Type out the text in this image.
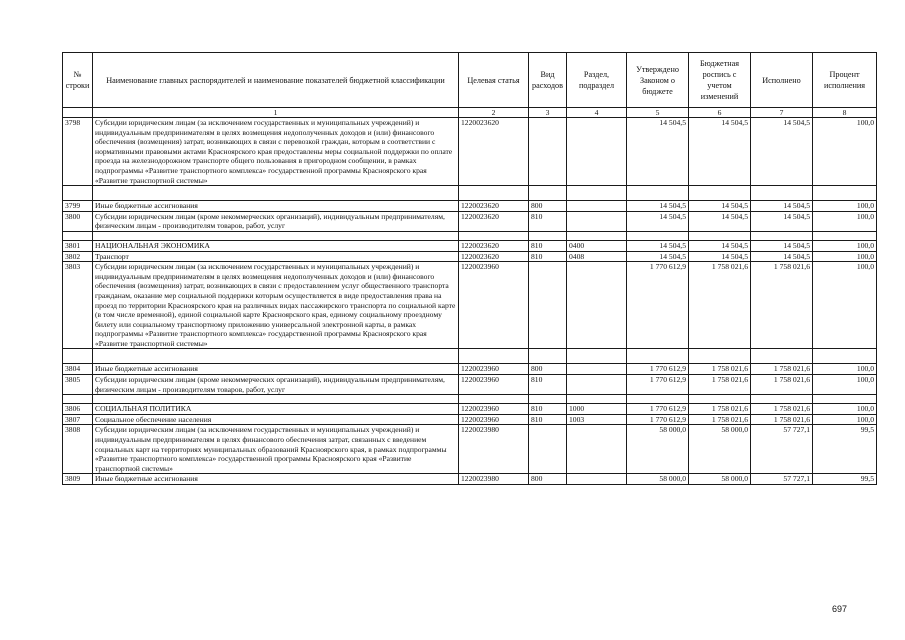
№ строки	Наименование главных распорядителей и наименование показателей бюджетной классификации	Целевая статья	Вид расходов	Раздел, подраздел	Утверждено Законом о бюджете	Бюджетная роспись с учетом изменений	Исполнено	Процент исполнения
	1	2	3	4	5	6	7	8
3798	Субсидии юридическим лицам (за исключением государственных и муниципальных учреждений) и индивидуальным предпринимателям в целях возмещения недополученных доходов и (или) финансового обеспечения (возмещения) затрат, возникающих в связи с перевозкой граждан, которым в соответствии с нормативными правовыми актами Красноярского края предоставлены меры социальной поддержки по оплате проезда на железнодорожном транспорте общего пользования в пригородном сообщении, в рамках подпрограммы «Развитие транспортного комплекса» государственной программы Красноярского края «Развитие транспортной системы»	1220023620			14 504,5	14 504,5	14 504,5	100,0

3799	Иные бюджетные ассигнования	1220023620	800		14 504,5	14 504,5	14 504,5	100,0
3800	Субсидии юридическим лицам (кроме некоммерческих организаций), индивидуальным предпринимателям, физическим лицам - производителям товаров, работ, услуг	1220023620	810		14 504,5	14 504,5	14 504,5	100,0

3801	НАЦИОНАЛЬНАЯ ЭКОНОМИКА	1220023620	810	0400	14 504,5	14 504,5	14 504,5	100,0
3802	Транспорт	1220023620	810	0408	14 504,5	14 504,5	14 504,5	100,0
3803	Субсидии юридическим лицам (за исключением государственных и муниципальных учреждений) и индивидуальным предпринимателям в целях возмещения недополученных доходов и (или) финансового обеспечения (возмещения) затрат, возникающих в связи с предоставлением услуг общественного транспорта гражданам, оказание мер социальной поддержки которым осуществляется в виде предоставления права на проезд по территории Красноярского края на различных видах пассажирского транспорта по социальной карте (в том числе временной), единой социальной карте Красноярского края, единому социальному проездному билету или социальному транспортному приложению универсальной электронной карты, в рамках подпрограммы «Развитие транспортного комплекса» государственной программы Красноярского края «Развитие транспортной системы»	1220023960			1 770 612,9	1 758 021,6	1 758 021,6	100,0

3804	Иные бюджетные ассигнования	1220023960	800		1 770 612,9	1 758 021,6	1 758 021,6	100,0
3805	Субсидии юридическим лицам (кроме некоммерческих организаций), индивидуальным предпринимателям, физическим лицам - производителям товаров, работ, услуг	1220023960	810		1 770 612,9	1 758 021,6	1 758 021,6	100,0

3806	СОЦИАЛЬНАЯ ПОЛИТИКА	1220023960	810	1000	1 770 612,9	1 758 021,6	1 758 021,6	100,0
3807	Социальное обеспечение населения	1220023960	810	1003	1 770 612,9	1 758 021,6	1 758 021,6	100,0
3808	Субсидии юридическим лицам (за исключением государственных и муниципальных учреждений) и индивидуальным предпринимателям в целях финансового обеспечения затрат, связанных с введением социальных карт на территориях муниципальных образований Красноярского края, в рамках подпрограммы «Развитие транспортного комплекса» государственной программы Красноярского края «Развитие транспортной системы»	1220023980			58 000,0	58 000,0	57 727,1	99,5
3809	Иные бюджетные ассигнования	1220023980	800		58 000,0	58 000,0	57 727,1	99,5
697
